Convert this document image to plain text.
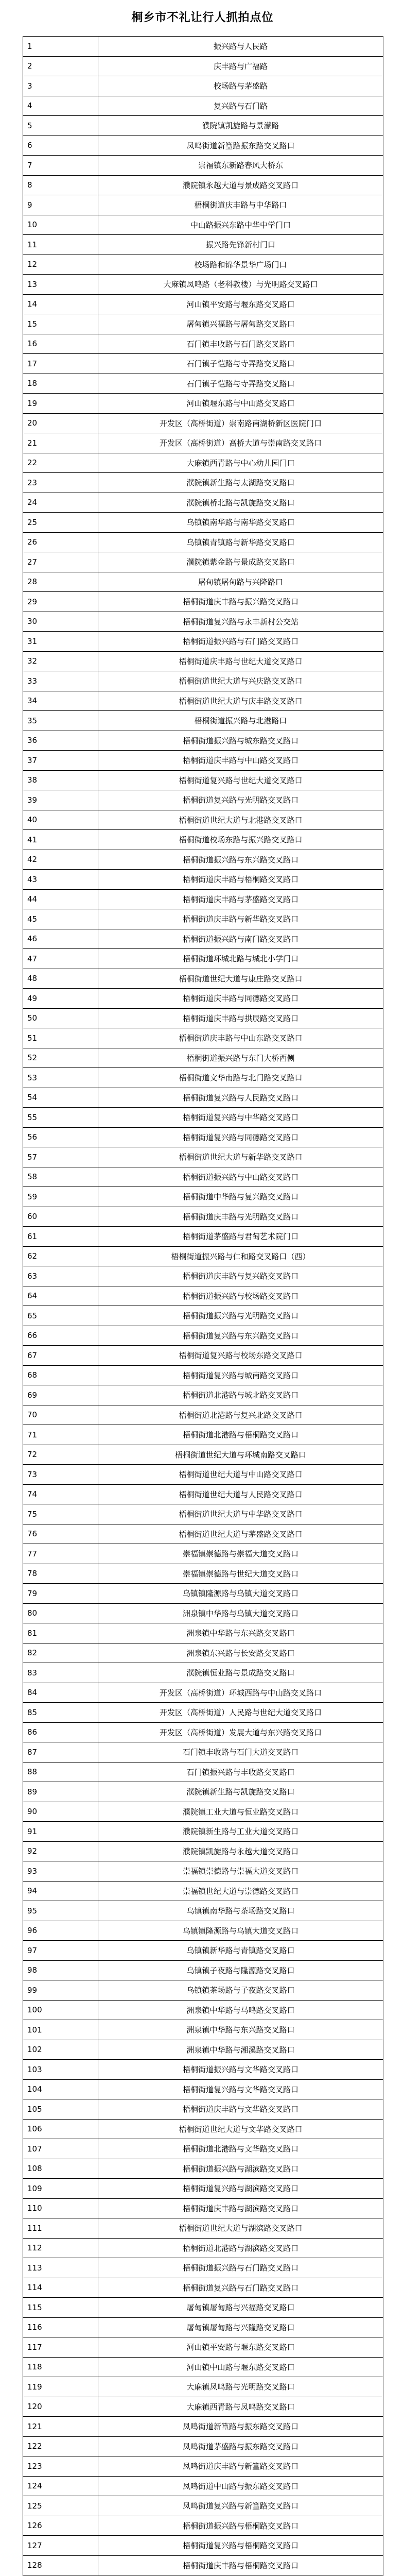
桐乡市不礼让行人抓拍点位
1	振兴路与人民路
2	庆丰路与广福路
3	校场路与茅盛路
4	复兴路与石门路
5	濮院镇凯旋路与景濛路
6	凤鸣街道新篁路振东路交叉路口
7	崇福镇东新路春风大桥东
8	濮院镇永越大道与景成路交叉路口
9	梧桐街道庆丰路与中华路口
10	中山路振兴东路中华中学门口
11	振兴路先锋新村门口
12	校场路和锦华景华广场门口
13	大麻镇凤鸣路（老科教楼）与光明路交叉路口
14	河山镇平安路与堰东路交叉路口
15	屠甸镇兴福路与屠甸路交叉路口
16	石门镇丰收路与石门路交叉路口
17	石门镇子恺路与寺弄路交叉路口
18	石门镇子恺路与寺弄路交叉路口
19	河山镇堰东路与中山路交叉路口
20	开发区（高桥街道）崇南路南湖桥新区医院门口
21	开发区（高桥街道）高桥大道与崇南路交叉路口
22	大麻镇西青路与中心幼儿园门口
23	濮院镇新生路与太湖路交叉路口
24	濮院镇桥北路与凯旋路交叉路口
25	乌镇镇南华路与南华路交叉路口
26	乌镇镇青镇路与新华路交叉路口
27	濮院镇紫金路与景成路交叉路口
28	屠甸镇屠甸路与兴隆路口
29	梧桐街道庆丰路与振兴路交叉路口
30	梧桐街道复兴路与永丰新村公交站
31	梧桐街道振兴路与石门路交叉路口
32	梧桐街道庆丰路与世纪大道交叉路口
33	梧桐街道世纪大道与兴庆路交叉路口
34	梧桐街道世纪大道与庆丰路交叉路口
35	梧桐街道振兴路与北港路口
36	梧桐街道振兴路与城东路交叉路口
37	梧桐街道庆丰路与中山路交叉路口
38	梧桐街道复兴路与世纪大道交叉路口
39	梧桐街道复兴路与光明路交叉路口
40	梧桐街道世纪大道与北港路交叉路口
41	梧桐街道校场东路与振兴路交叉路口
42	梧桐街道振兴路与东兴路交叉路口
43	梧桐街道庆丰路与梧桐路交叉路口
44	梧桐街道庆丰路与茅盛路交叉路口
45	梧桐街道庆丰路与新华路交叉路口
46	梧桐街道振兴路与南门路交叉路口
47	梧桐街道环城北路与城北小学门口
48	梧桐街道世纪大道与康庄路交叉路口
49	梧桐街道庆丰路与同德路交叉路口
50	梧桐街道庆丰路与拱辰路交叉路口
51	梧桐街道庆丰路与中山东路交叉路口
52	梧桐街道振兴路与东门大桥西侧
53	梧桐街道文华南路与北门路交叉路口
54	梧桐街道复兴路与人民路交叉路口
55	梧桐街道复兴路与中华路交叉路口
56	梧桐街道复兴路与同德路交叉路口
57	梧桐街道世纪大道与新华路交叉路口
58	梧桐街道振兴路与中山路交叉路口
59	梧桐街道中华路与复兴路交叉路口
60	梧桐街道庆丰路与光明路交叉路口
61	梧桐街道茅盛路与君匋艺术院门口
62	梧桐街道振兴路与仁和路交叉路口（西）
63	梧桐街道庆丰路与复兴路交叉路口
64	梧桐街道振兴路与校场路交叉路口
65	梧桐街道振兴路与光明路交叉路口
66	梧桐街道复兴路与东兴路交叉路口
67	梧桐街道复兴路与校场东路交叉路口
68	梧桐街道复兴路与城南路交叉路口
69	梧桐街道北港路与城北路交叉路口
70	梧桐街道北港路与复兴北路交叉路口
71	梧桐街道北港路与梧桐路交叉路口
72	梧桐街道世纪大道与环城南路交叉路口
73	梧桐街道世纪大道与中山路交叉路口
74	梧桐街道世纪大道与人民路交叉路口
75	梧桐街道世纪大道与中华路交叉路口
76	梧桐街道世纪大道与茅盛路交叉路口
77	崇福镇崇德路与崇福大道交叉路口
78	崇福镇崇德路与世纪大道交叉路口
79	乌镇镇隆源路与乌镇大道交叉路口
80	洲泉镇中华路与乌镇大道交叉路口
81	洲泉镇中华路与东兴路交叉路口
82	洲泉镇东兴路与长安路交叉路口
83	濮院镇恒业路与景成路交叉路口
84	开发区（高桥街道）环城西路与中山路交叉路口
85	开发区（高桥街道）人民路与世纪大道交叉路口
86	开发区（高桥街道）发展大道与东兴路交叉路口
87	石门镇丰收路与石门大道交叉路口
88	石门镇振兴路与丰收路交叉路口
89	濮院镇新生路与凯旋路交叉路口
90	濮院镇工业大道与恒业路交叉路口
91	濮院镇新生路与工业大道交叉路口
92	濮院镇凯旋路与永越大道交叉路口
93	崇福镇崇德路与崇福大道交叉路口
94	崇福镇世纪大道与崇德路交叉路口
95	乌镇镇南华路与茶场路交叉路口
96	乌镇镇隆源路与乌镇大道交叉路口
97	乌镇镇新华路与青镇路交叉路口
98	乌镇镇子夜路与隆源路交叉路口
99	乌镇镇茶场路与子夜路交叉路口
100	洲泉镇中华路与马鸣路交叉路口
101	洲泉镇中华路与东兴路交叉路口
102	洲泉镇中华路与湘溪路交叉路口
103	梧桐街道振兴路与文华路交叉路口
104	梧桐街道复兴路与文华路交叉路口
105	梧桐街道庆丰路与文华路交叉路口
106	梧桐街道世纪大道与文华路交叉路口
107	梧桐街道北港路与文华路交叉路口
108	梧桐街道振兴路与湖滨路交叉路口
109	梧桐街道复兴路与湖滨路交叉路口
110	梧桐街道庆丰路与湖滨路交叉路口
111	梧桐街道世纪大道与湖滨路交叉路口
112	梧桐街道北港路与湖滨路交叉路口
113	梧桐街道振兴路与石门路交叉路口
114	梧桐街道复兴路与石门路交叉路口
115	屠甸镇屠甸路与兴福路交叉路口
116	屠甸镇屠甸路与兴隆路交叉路口
117	河山镇平安路与堰东路交叉路口
118	河山镇中山路与堰东路交叉路口
119	大麻镇凤鸣路与光明路交叉路口
120	大麻镇西青路与凤鸣路交叉路口
121	凤鸣街道新篁路与振东路交叉路口
122	凤鸣街道茅盛路与振东路交叉路口
123	凤鸣街道庆丰路与新篁路交叉路口
124	凤鸣街道中山路与振东路交叉路口
125	凤鸣街道复兴路与新篁路交叉路口
126	梧桐街道振兴路与梧桐路交叉路口
127	梧桐街道复兴路与梧桐路交叉路口
128	梧桐街道庆丰路与梧桐路交叉路口
